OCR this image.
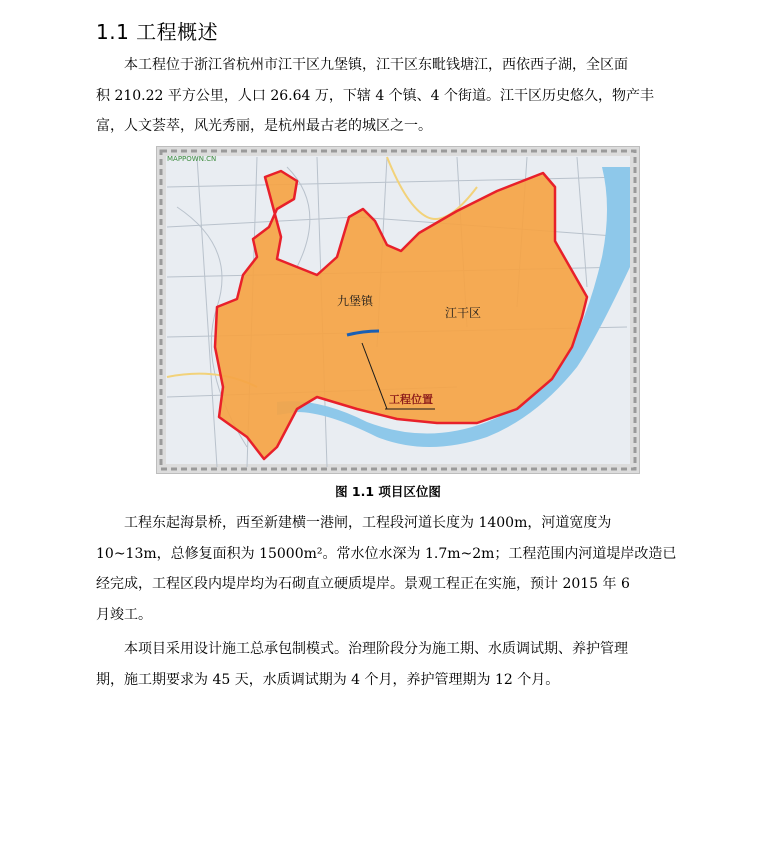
1.1 工程概述
本工程位于浙江省杭州市江干区九堡镇，江干区东毗钱塘江，西依西子湖，全区面
积 210.22 平方公里，人口 26.64 万，下辖 4 个镇、4 个街道。江干区历史悠久，物产丰
富，人文荟萃，风光秀丽，是杭州最古老的城区之一。
MAPPOWN.CN
九堡镇
江干区
工程位置
图 1.1 项目区位图
工程东起海景桥，西至新建横一港闸，工程段河道长度为 1400m，河道宽度为
10~13m，总修复面积为 15000m²。常水位水深为 1.7m~2m；工程范围内河道堤岸改造已
经完成，工程区段内堤岸均为石砌直立硬质堤岸。景观工程正在实施，预计 2015 年 6
月竣工。
本项目采用设计施工总承包制模式。治理阶段分为施工期、水质调试期、养护管理
期，施工期要求为 45 天，水质调试期为 4 个月，养护管理期为 12 个月。
